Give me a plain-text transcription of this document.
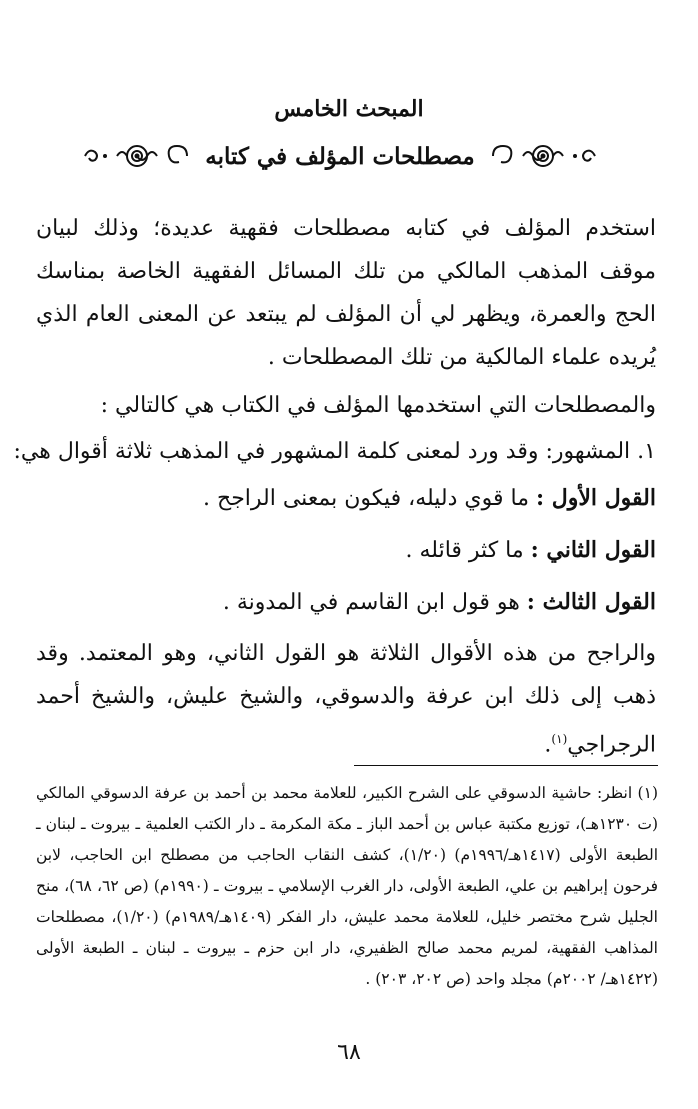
المبحث الخامس
مصطلحات المؤلف في كتابه
استخدم المؤلف في كتابه مصطلحات فقهية عديدة؛ وذلك لبيان موقف المذهب المالكي من تلك المسائل الفقهية الخاصة بمناسك الحج والعمرة، ويظهر لي أن المؤلف لم يبتعد عن المعنى العام الذي يُريده علماء المالكية من تلك المصطلحات .
والمصطلحات التي استخدمها المؤلف في الكتاب هي كالتالي :
١. المشهور: وقد ورد لمعنى كلمة المشهور في المذهب ثلاثة أقوال هي:
القول الأول : ما قوي دليله، فيكون بمعنى الراجح .
القول الثاني : ما كثر قائله .
القول الثالث : هو قول ابن القاسم في المدونة .
والراجح من هذه الأقوال الثلاثة هو القول الثاني، وهو المعتمد. وقد ذهب إلى ذلك ابن عرفة والدسوقي، والشيخ عليش، والشيخ أحمد الرجراجي$^{(١)}$.
(١) انظر: حاشية الدسوقي على الشرح الكبير، للعلامة محمد بن أحمد بن عرفة الدسوقي المالكي (ت ١٢٣٠هـ)، توزيع مكتبة عباس بن أحمد الباز ـ مكة المكرمة ـ دار الكتب العلمية ـ بيروت ـ لبنان ـ الطبعة الأولى (١٤١٧هـ/١٩٩٦م) (١/٢٠)، كشف النقاب الحاجب من مصطلح ابن الحاجب، لابن فرحون إبراهيم بن علي، الطبعة الأولى، دار الغرب الإسلامي ـ بيروت ـ (١٩٩٠م) (ص ٦٢، ٦٨)، منح الجليل شرح مختصر خليل، للعلامة محمد عليش، دار الفكر (١٤٠٩هـ/١٩٨٩م) (١/٢٠)، مصطلحات المذاهب الفقهية، لمريم محمد صالح الظفيري، دار ابن حزم ـ بيروت ـ لبنان ـ الطبعة الأولى (١٤٢٢هـ/ ٢٠٠٢م) مجلد واحد (ص ٢٠٢، ٢٠٣) .
٦٨
